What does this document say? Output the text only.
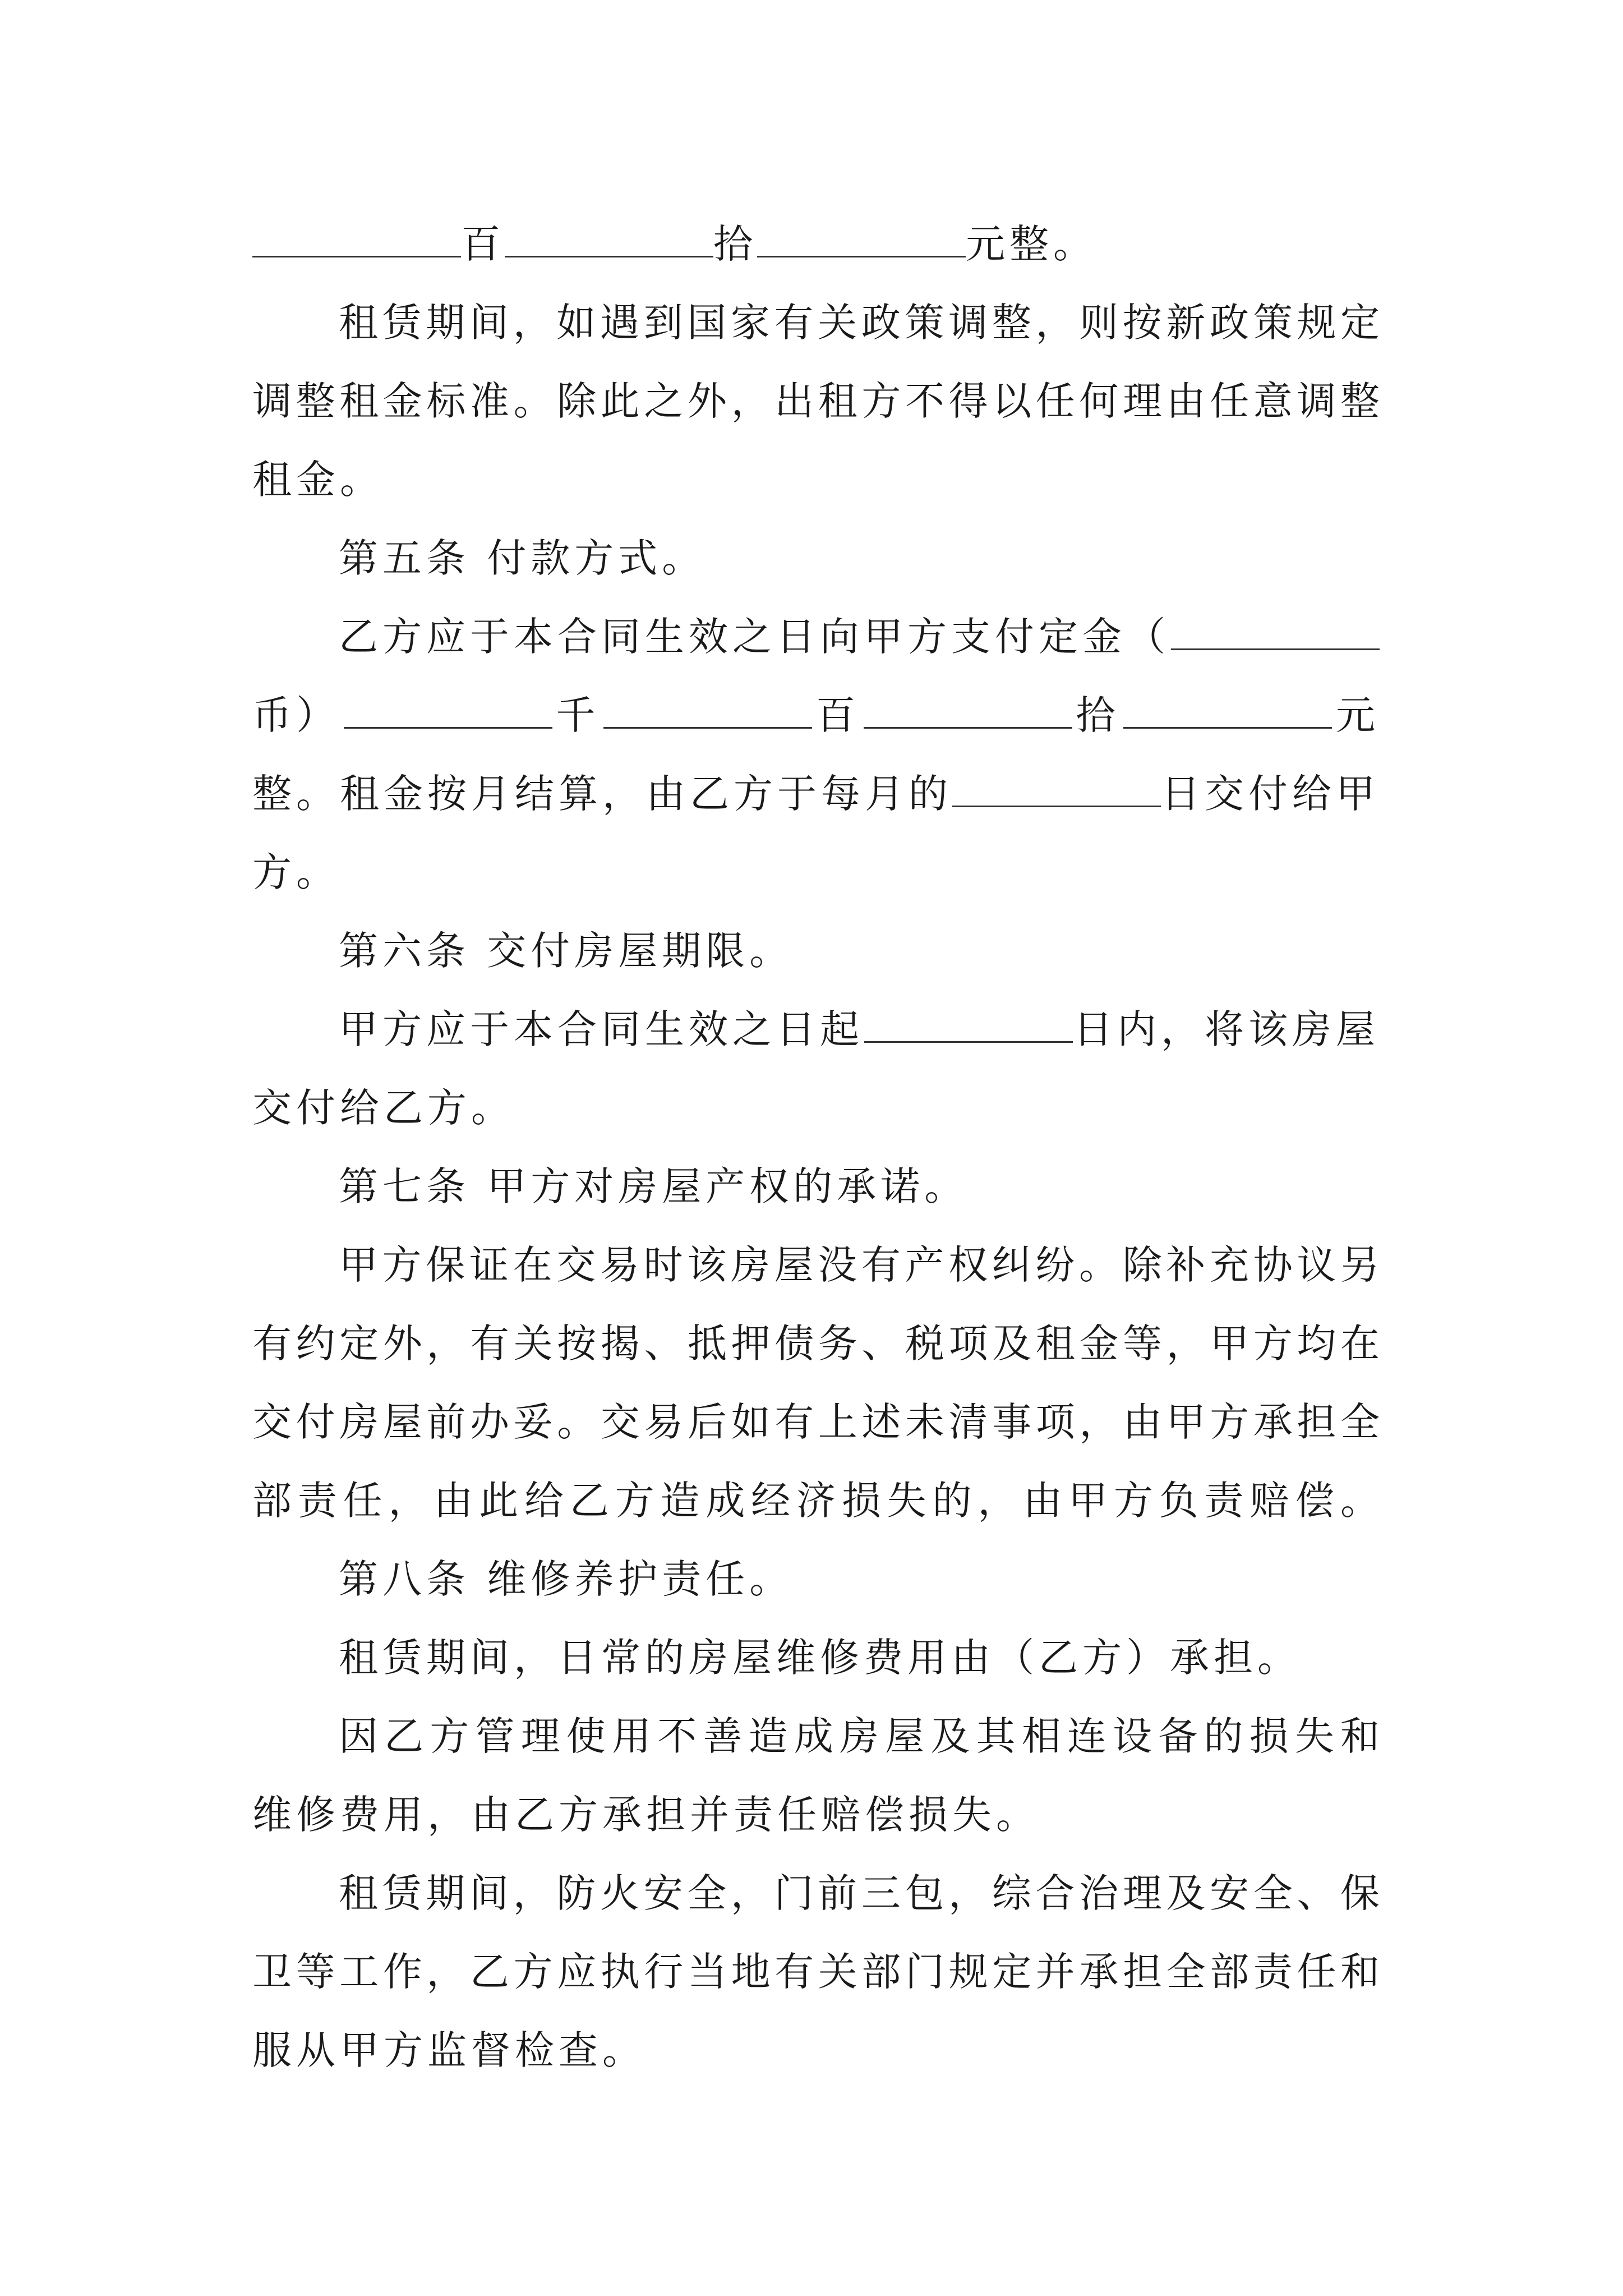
百	拾	元整。
租赁期间，如遇到国家有关政策调整，则按新政策规定
调整租金标准。除此之外，出租方不得以任何理由任意调整
租金。
第五条 付款方式。
乙方应于本合同生效之日向甲方支付定金（
币）	千	百	拾	元
整。租金按月结算，由乙方于每月的	日交付给甲
方。
第六条 交付房屋期限。
甲方应于本合同生效之日起	日内，将该房屋
交付给乙方。
第七条 甲方对房屋产权的承诺。
甲方保证在交易时该房屋没有产权纠纷。除补充协议另
有约定外，有关按揭、抵押债务、税项及租金等，甲方均在
交付房屋前办妥。交易后如有上述未清事项，由甲方承担全
部责任，由此给乙方造成经济损失的，由甲方负责赔偿。
第八条 维修养护责任。
租赁期间，日常的房屋维修费用由（乙方）承担。
因乙方管理使用不善造成房屋及其相连设备的损失和
维修费用，由乙方承担并责任赔偿损失。
租赁期间，防火安全，门前三包，综合治理及安全、保
卫等工作，乙方应执行当地有关部门规定并承担全部责任和
服从甲方监督检查。
